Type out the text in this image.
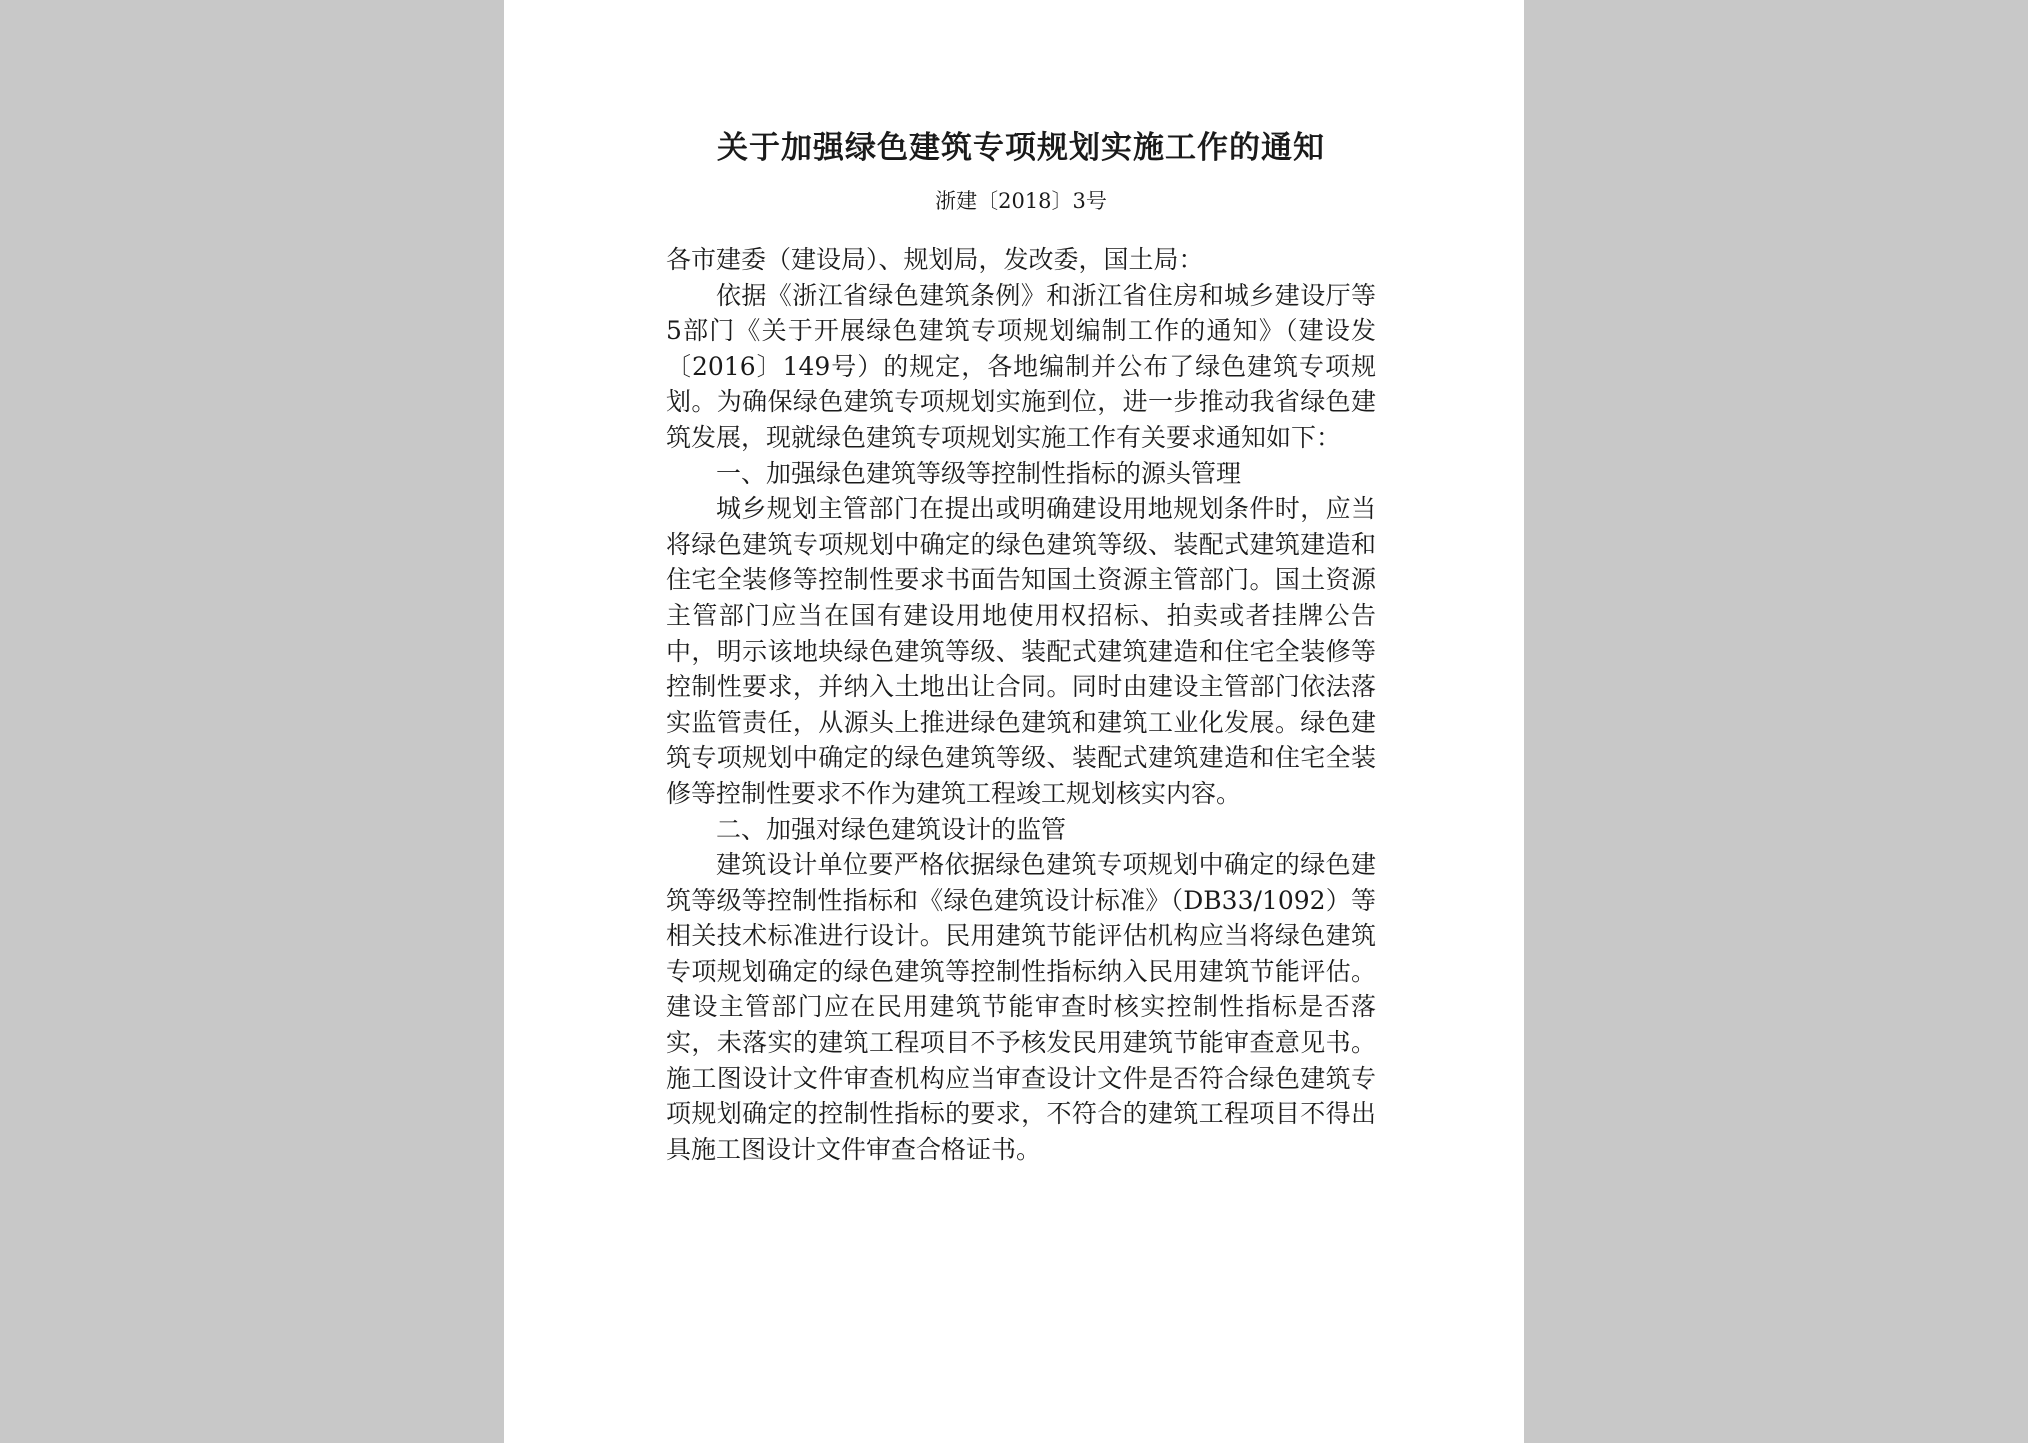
关于加强绿色建筑专项规划实施工作的通知
浙建〔2018〕3号

各市建委（建设局）、规划局，发改委，国土局：

依据《浙江省绿色建筑条例》和浙江省住房和城乡建设厅等5部门《关于开展绿色建筑专项规划编制工作的通知》（建设发〔2016〕149号）的规定，各地编制并公布了绿色建筑专项规划。为确保绿色建筑专项规划实施到位，进一步推动我省绿色建筑发展，现就绿色建筑专项规划实施工作有关要求通知如下：

一、加强绿色建筑等级等控制性指标的源头管理

城乡规划主管部门在提出或明确建设用地规划条件时，应当将绿色建筑专项规划中确定的绿色建筑等级、装配式建筑建造和住宅全装修等控制性要求书面告知国土资源主管部门。国土资源主管部门应当在国有建设用地使用权招标、拍卖或者挂牌公告中，明示该地块绿色建筑等级、装配式建筑建造和住宅全装修等控制性要求，并纳入土地出让合同。同时由建设主管部门依法落实监管责任，从源头上推进绿色建筑和建筑工业化发展。绿色建筑专项规划中确定的绿色建筑等级、装配式建筑建造和住宅全装修等控制性要求不作为建筑工程竣工规划核实内容。

二、加强对绿色建筑设计的监管

建筑设计单位要严格依据绿色建筑专项规划中确定的绿色建筑等级等控制性指标和《绿色建筑设计标准》（DB33/1092）等相关技术标准进行设计。民用建筑节能评估机构应当将绿色建筑专项规划确定的绿色建筑等控制性指标纳入民用建筑节能评估。建设主管部门应在民用建筑节能审查时核实控制性指标是否落实，未落实的建筑工程项目不予核发民用建筑节能审查意见书。施工图设计文件审查机构应当审查设计文件是否符合绿色建筑专项规划确定的控制性指标的要求，不符合的建筑工程项目不得出具施工图设计文件审查合格证书。
